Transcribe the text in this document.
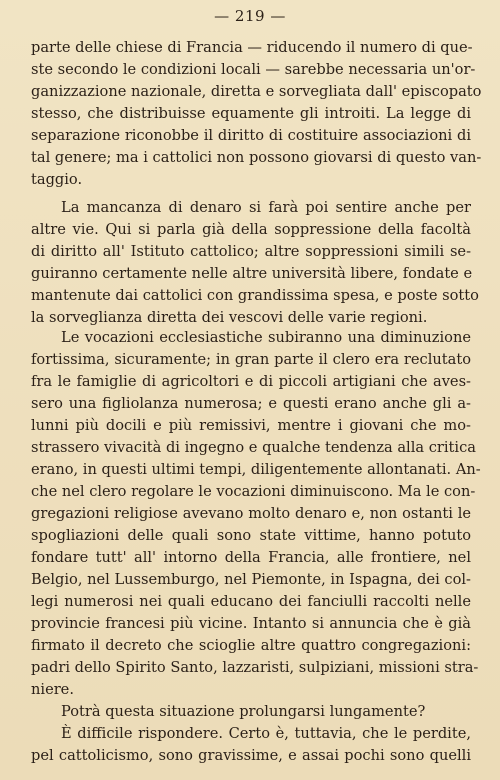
— 219 —
parte delle chiese di Francia — riducendo il numero di que-
ste secondo le condizioni locali — sarebbe necessaria un'or-
ganizzazione nazionale, diretta e sorvegliata dall' episcopato
stesso, che distribuisse equamente gli introiti. La legge di
separazione riconobbe il diritto di costituire associazioni di
tal genere; ma i cattolici non possono giovarsi di questo van-
taggio.
La mancanza di denaro si farà poi sentire anche per
altre vie. Qui si parla già della soppressione della facoltà
di diritto all' Istituto cattolico; altre soppressioni simili se-
guiranno certamente nelle altre università libere, fondate e
mantenute dai cattolici con grandissima spesa, e poste sotto
la sorveglianza diretta dei vescovi delle varie regioni.
Le vocazioni ecclesiastiche subiranno una diminuzione
fortissima, sicuramente; in gran parte il clero era reclutato
fra le famiglie di agricoltori e di piccoli artigiani che aves-
sero una figliolanza numerosa; e questi erano anche gli a-
lunni più docili e più remissivi, mentre i giovani che mo-
strassero vivacità di ingegno e qualche tendenza alla critica
erano, in questi ultimi tempi, diligentemente allontanati. An-
che nel clero regolare le vocazioni diminuiscono. Ma le con-
gregazioni religiose avevano molto denaro e, non ostanti le
spogliazioni delle quali sono state vittime, hanno potuto
fondare tutt' all' intorno della Francia, alle frontiere, nel
Belgio, nel Lussemburgo, nel Piemonte, in Ispagna, dei col-
legi numerosi nei quali educano dei fanciulli raccolti nelle
provincie francesi più vicine. Intanto si annuncia che è già
firmato il decreto che scioglie altre quattro congregazioni:
padri dello Spirito Santo, lazzaristi, sulpiziani, missioni stra-
niere.
Potrà questa situazione prolungarsi lungamente?
È difficile rispondere. Certo è, tuttavia, che le perdite,
pel cattolicismo, sono gravissime, e assai pochi sono quelli
